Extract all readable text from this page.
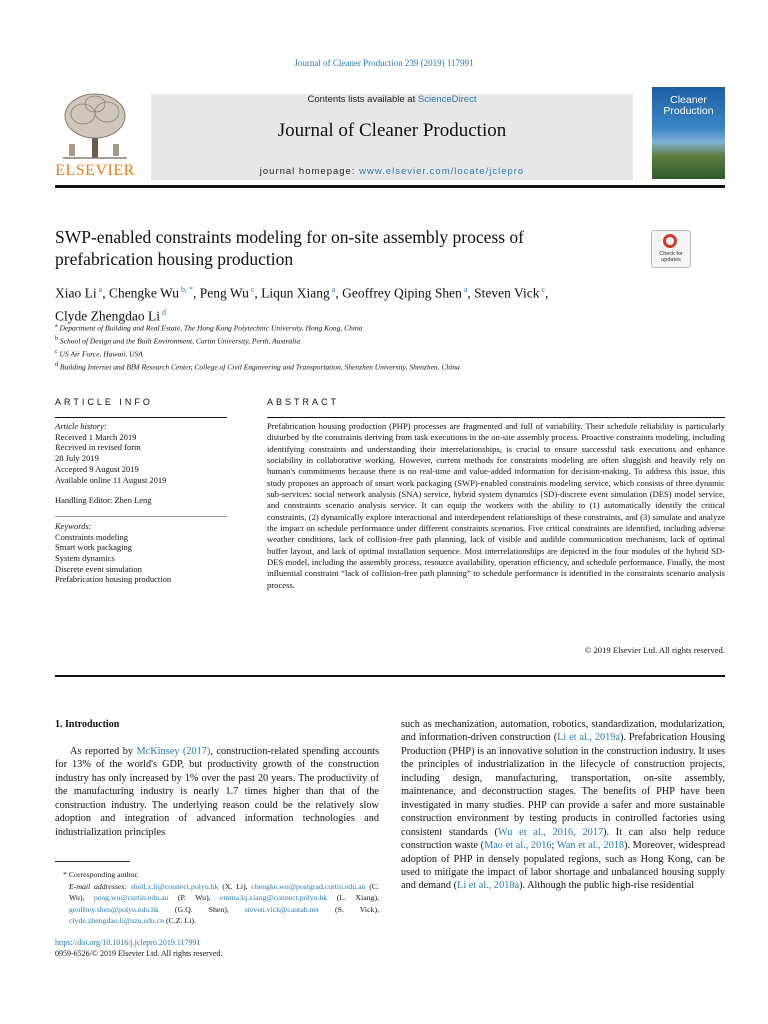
Journal of Cleaner Production 239 (2019) 117991
ELSEVIER
Contents lists available at ScienceDirect
Journal of Cleaner Production
journal homepage: www.elsevier.com/locate/jclepro
Cleaner
Production
SWP-enabled constraints modeling for on-site assembly process of prefabrication housing production	Check for updates
Xiao Li $^a$, Chengke Wu $^{b, *}$, Peng Wu $^c$, Liqun Xiang $^a$, Geoffrey Qiping Shen $^a$, Steven Vick $^c$,
Clyde Zhengdao Li $^d$
$^a$ Department of Building and Real Estate, The Hong Kong Polytechnic University, Hong Kong, China
$^b$ School of Design and the Built Environment, Curtin University, Perth, Australia
$^c$ US Air Force, Hawaii, USA
$^d$ Building Internet and BIM Research Center, College of Civil Engineering and Transportation, Shenzhen University, Shenzhen, China
ARTICLE INFO	ABSTRACT
Article history:
Received 1 March 2019
Received in revised form
28 July 2019
Accepted 9 August 2019
Available online 11 August 2019
Handling Editor: Zhen Leng
Keywords:
Constraints modeling
Smart work packaging
System dynamics
Discrete event simulation
Prefabrication housing production
Prefabrication housing production (PHP) processes are fragmented and full of variability. Their schedule reliability is particularly disturbed by the constraints deriving from task executions in the on-site assembly process. Proactive constraints modeling, including identifying constraints and understanding their interrelationships, is crucial to ensure successful task executions and enhance sociability in collaborative working. However, current methods for constraints modeling are often sluggish and heavily rely on human's commitments because there is no real-time and value-added information for decision-making. To address this issue, this study proposes an approach of smart work packaging (SWP)-enabled constraints modeling service, which consists of three dynamic sub-services: social network analysis (SNA) service, hybrid system dynamics (SD)-discrete event simulation (DES) model service, and constraints scenario analysis service. It can equip the workers with the ability to (1) automatically identify the critical constraints, (2) dynamically explore interactional and interdependent relationships of these constraints, and (3) simulate and analyze the impact on schedule performance under different constraints scenarios. Five critical constraints are identified, including adverse weather conditions, lack of collision-free path planning, lack of visible and audible communication mechanism, lack of optimal buffer layout, and lack of optimal installation sequence. Most interrelationships are depicted in the four modules of the hybrid SD-DES model, including the assembly process, resource availability, operation efficiency, and schedule performance. Finally, the most influential constraint “lack of collision-free path planning” to schedule performance is identified in the constraints scenario analysis process.
© 2019 Elsevier Ltd. All rights reserved.
1. Introduction
As reported by McKinsey (2017), construction-related spending accounts for 13% of the world's GDP, but productivity growth of the construction industry has only increased by 1% over the past 20 years. The productivity of the manufacturing industry is nearly 1.7 times higher than that of the construction industry. The underlying reason could be the relatively slow adoption and integration of advanced information technologies and industrialization principles
such as mechanization, automation, robotics, standardization, modularization, and information-driven construction (Li et al., 2019a). Prefabrication Housing Production (PHP) is an innovative solution in the construction industry. It uses the principles of industrialization in the lifecycle of construction projects, including design, manufacturing, transportation, on-site assembly, maintenance, and deconstruction stages. The benefits of PHP have been investigated in many studies. PHP can provide a safer and more sustainable construction environment by testing products in controlled factories using consistent standards (Wu et al., 2016, 2017). It can also help reduce construction waste (Mao et al., 2016; Wan et al., 2018). Moreover, widespread adoption of PHP in densely populated regions, such as Hong Kong, can be used to mitigate the impact of labor shortage and unbalanced housing supply and demand (Li et al., 2018a). Although the public high-rise residential
* Corresponding author.
E-mail addresses: shell.x.li@connect.polyu.hk (X. Li), chengke.wu@postgrad.curtin.edu.au (C. Wu), peng.wu@curtin.edu.au (P. Wu), emma.lq.xiang@connect.polyu.hk (L. Xiang), geoffrey.shen@polyu.edu.hk (G.Q. Shen), steven.vick@cantab.net (S. Vick), clyde.zhengdao.li@szu.edu.cn (C.Z. Li).
https://doi.org/10.1016/j.jclepro.2019.117991
0959-6526/© 2019 Elsevier Ltd. All rights reserved.
